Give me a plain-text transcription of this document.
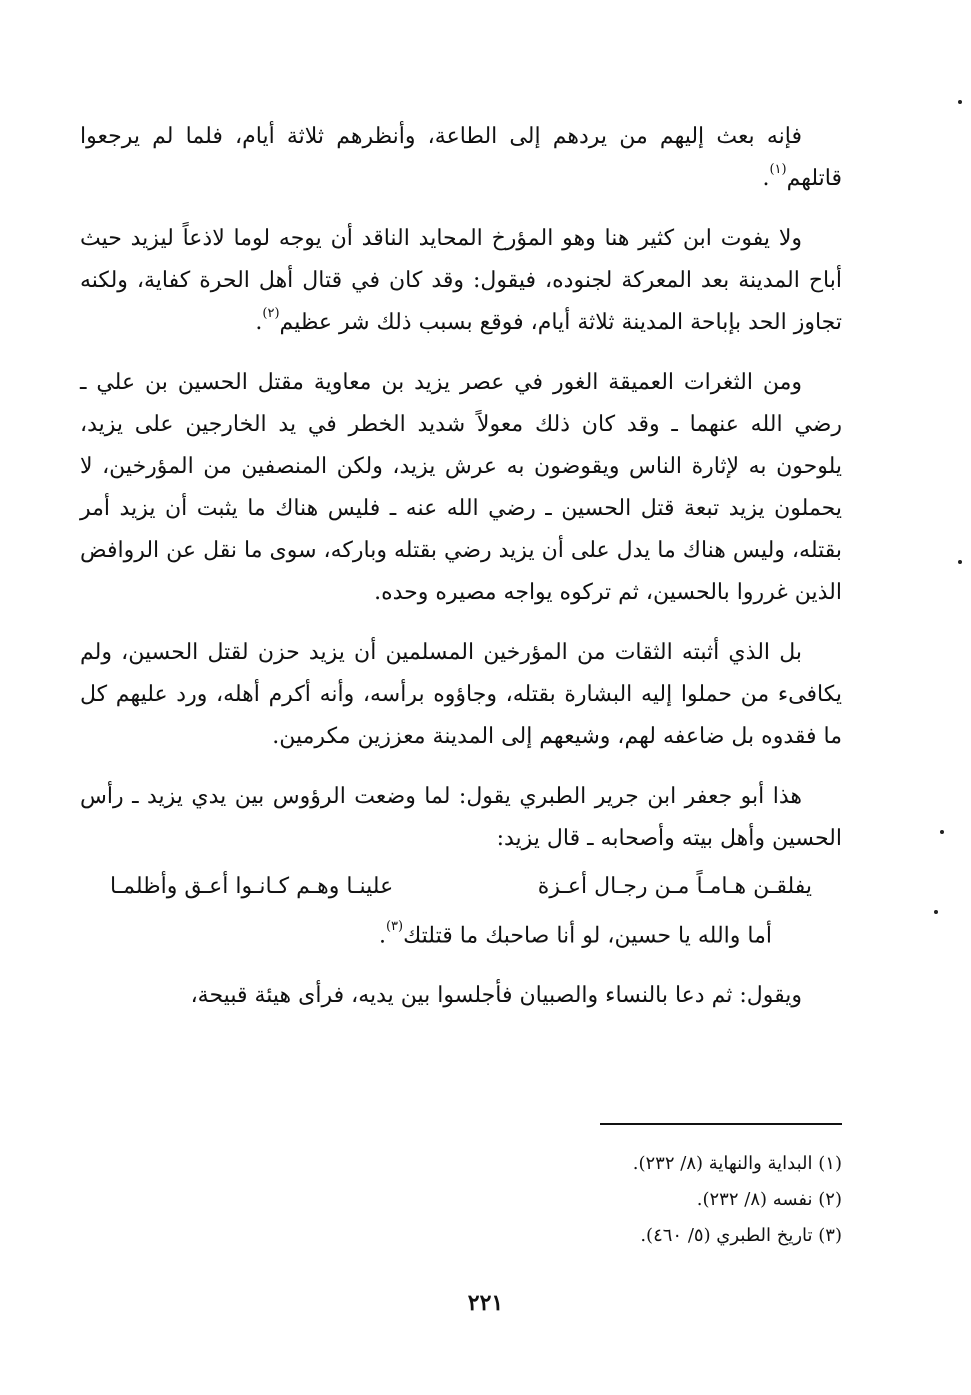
فإنه بعث إليهم من يردهم إلى الطاعة، وأنظرهم ثلاثة أيام، فلما لم يرجعوا قاتلهم$^{(١)}$.

ولا يفوت ابن كثير هنا وهو المؤرخ المحايد الناقد أن يوجه لوما لاذعاً ليزيد حيث أباح المدينة بعد المعركة لجنوده، فيقول: وقد كان في قتال أهل الحرة كفاية، ولكنه تجاوز الحد بإباحة المدينة ثلاثة أيام، فوقع بسبب ذلك شر عظيم$^{(٢)}$.

ومن الثغرات العميقة الغور في عصر يزيد بن معاوية مقتل الحسين بن علي ـ رضي الله عنهما ـ وقد كان ذلك معولاً شديد الخطر في يد الخارجين على يزيد، يلوحون به لإثارة الناس ويقوضون به عرش يزيد، ولكن المنصفين من المؤرخين، لا يحملون يزيد تبعة قتل الحسين ـ رضي الله عنه ـ فليس هناك ما يثبت أن يزيد أمر بقتله، وليس هناك ما يدل على أن يزيد رضي بقتله وباركه، سوى ما نقل عن الروافض الذين غرروا بالحسين، ثم تركوه يواجه مصيره وحده.

بل الذي أثبته الثقات من المؤرخين المسلمين أن يزيد حزن لقتل الحسين، ولم يكافىء من حملوا إليه البشارة بقتله، وجاؤوه برأسه، وأنه أكرم أهله، ورد عليهم كل ما فقدوه بل ضاعفه لهم، وشيعهم إلى المدينة معززين مكرمين.

هذا أبو جعفر ابن جرير الطبري يقول: لما وضعت الرؤوس بين يدي يزيد ـ رأس الحسين وأهل بيته وأصحابه ـ قال يزيد:

يفلقـن هـامـاً مـن رجـال أعـزة
علينـا وهـم كـانـوا أعـق وأظلمـا

أما والله يا حسين، لو أنا صاحبك ما قتلتك$^{(٣)}$.

ويقول: ثم دعا بالنساء والصبيان فأجلسوا بين يديه، فرأى هيئة قبيحة،

(١) البداية والنهاية (٨/ ٢٣٢).

(٢) نفسه (٨/ ٢٣٢).

(٣) تاريخ الطبري (٥/ ٤٦٠).

٢٢١
